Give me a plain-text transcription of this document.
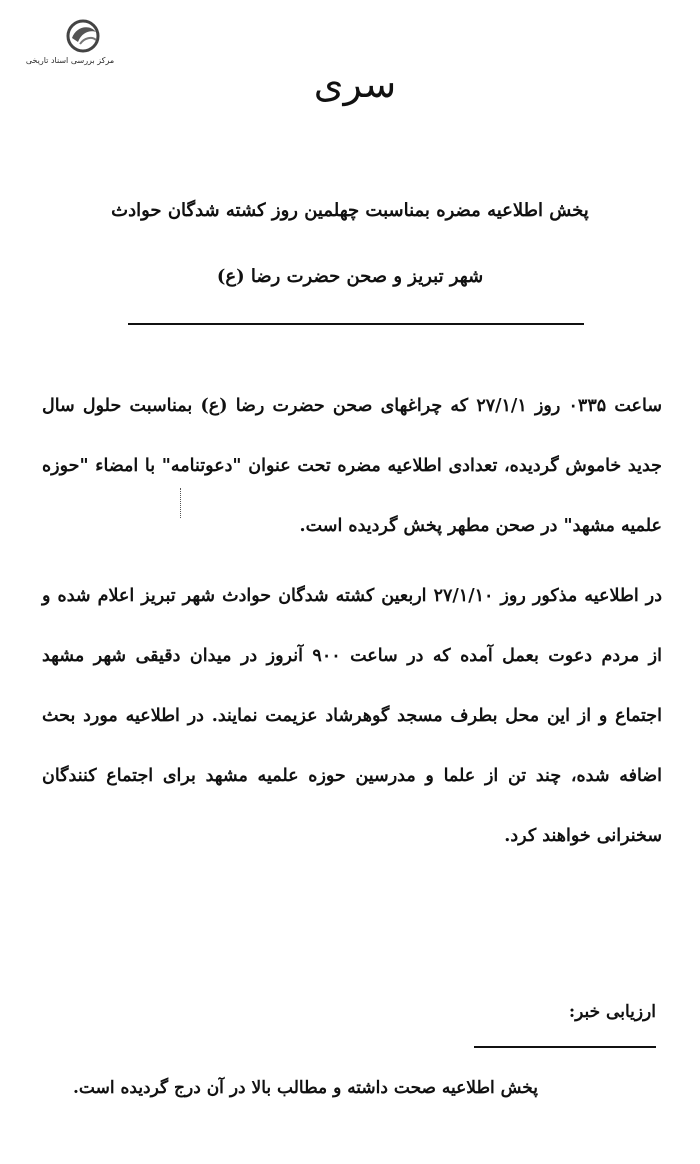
مرکز بررسی اسناد تاریخی
سری
پخش اطلاعیه مضره بمناسبت چهلمین روز کشته شدگان حوادث
شهر تبریز و صحن حضرت رضا (ع)
ساعت ۰۳۳۵ روز ۲۷/۱/۱ که چراغهای صحن حضرت رضا (ع) بمناسبت حلول سال جدید خاموش گردیده، تعدادی اطلاعیه مضره تحت عنوان "دعوتنامه" با امضاء "حوزه علمیه مشهد" در صحن مطهر پخش گردیده است.
در اطلاعیه مذکور روز ۲۷/۱/۱۰ اربعین کشته شدگان حوادث شهر تبریز اعلام شده و از مردم دعوت بعمل آمده که در ساعت ۹۰۰ آنروز در میدان دقیقی شهر مشهد اجتماع و از این محل بطرف مسجد گوهرشاد عزیمت نمایند. در اطلاعیه مورد بحث اضافه شده، چند تن از علما و مدرسین حوزه علمیه مشهد برای اجتماع کنندگان سخنرانی خواهند کرد.
ارزیابی خبر:
پخش اطلاعیه صحت داشته و مطالب بالا در آن درج گردیده است.
